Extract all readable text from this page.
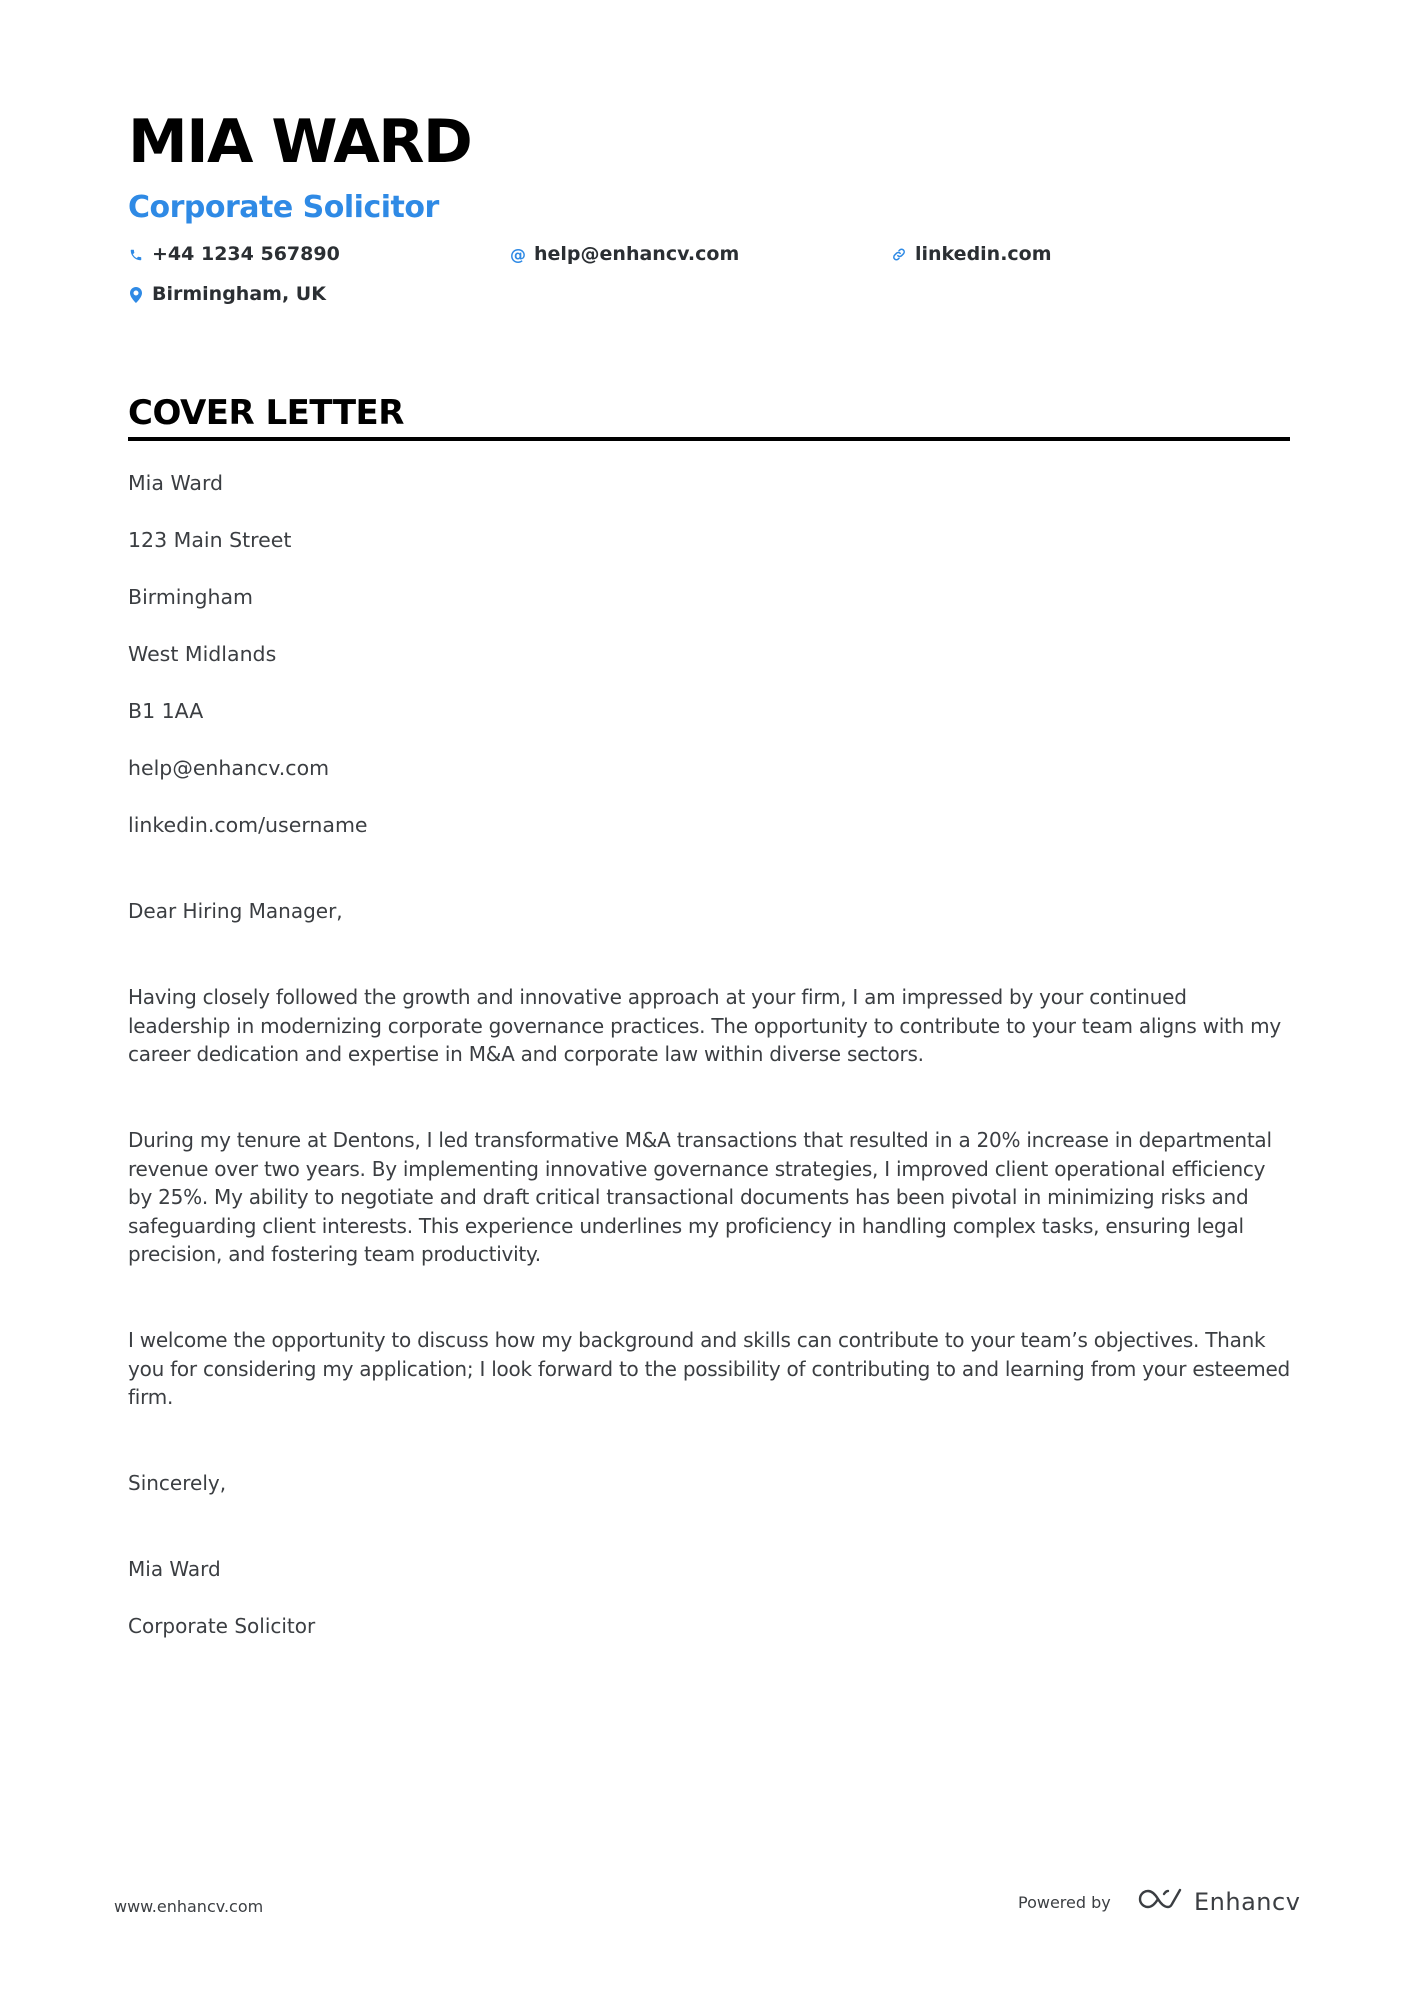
MIA WARD
Corporate Solicitor
+44 1234 567890	@ help@enhancv.com	linkedin.com
Birmingham, UK
COVER LETTER

Mia Ward

123 Main Street

Birmingham

West Midlands

B1 1AA

help@enhancv.com

linkedin.com/username

Dear Hiring Manager,

Having closely followed the growth and innovative approach at your firm, I am impressed by your continued leadership in modernizing corporate governance practices. The opportunity to contribute to your team aligns with my career dedication and expertise in M&A and corporate law within diverse sectors.

During my tenure at Dentons, I led transformative M&A transactions that resulted in a 20% increase in departmental revenue over two years. By implementing innovative governance strategies, I improved client operational efficiency by 25%. My ability to negotiate and draft critical transactional documents has been pivotal in minimizing risks and safeguarding client interests. This experience underlines my proficiency in handling complex tasks, ensuring legal precision, and fostering team productivity.

I welcome the opportunity to discuss how my background and skills can contribute to your team’s objectives. Thank you for considering my application; I look forward to the possibility of contributing to and learning from your esteemed firm.

Sincerely,

Mia Ward

Corporate Solicitor

www.enhancv.com	Powered by	Enhancv
